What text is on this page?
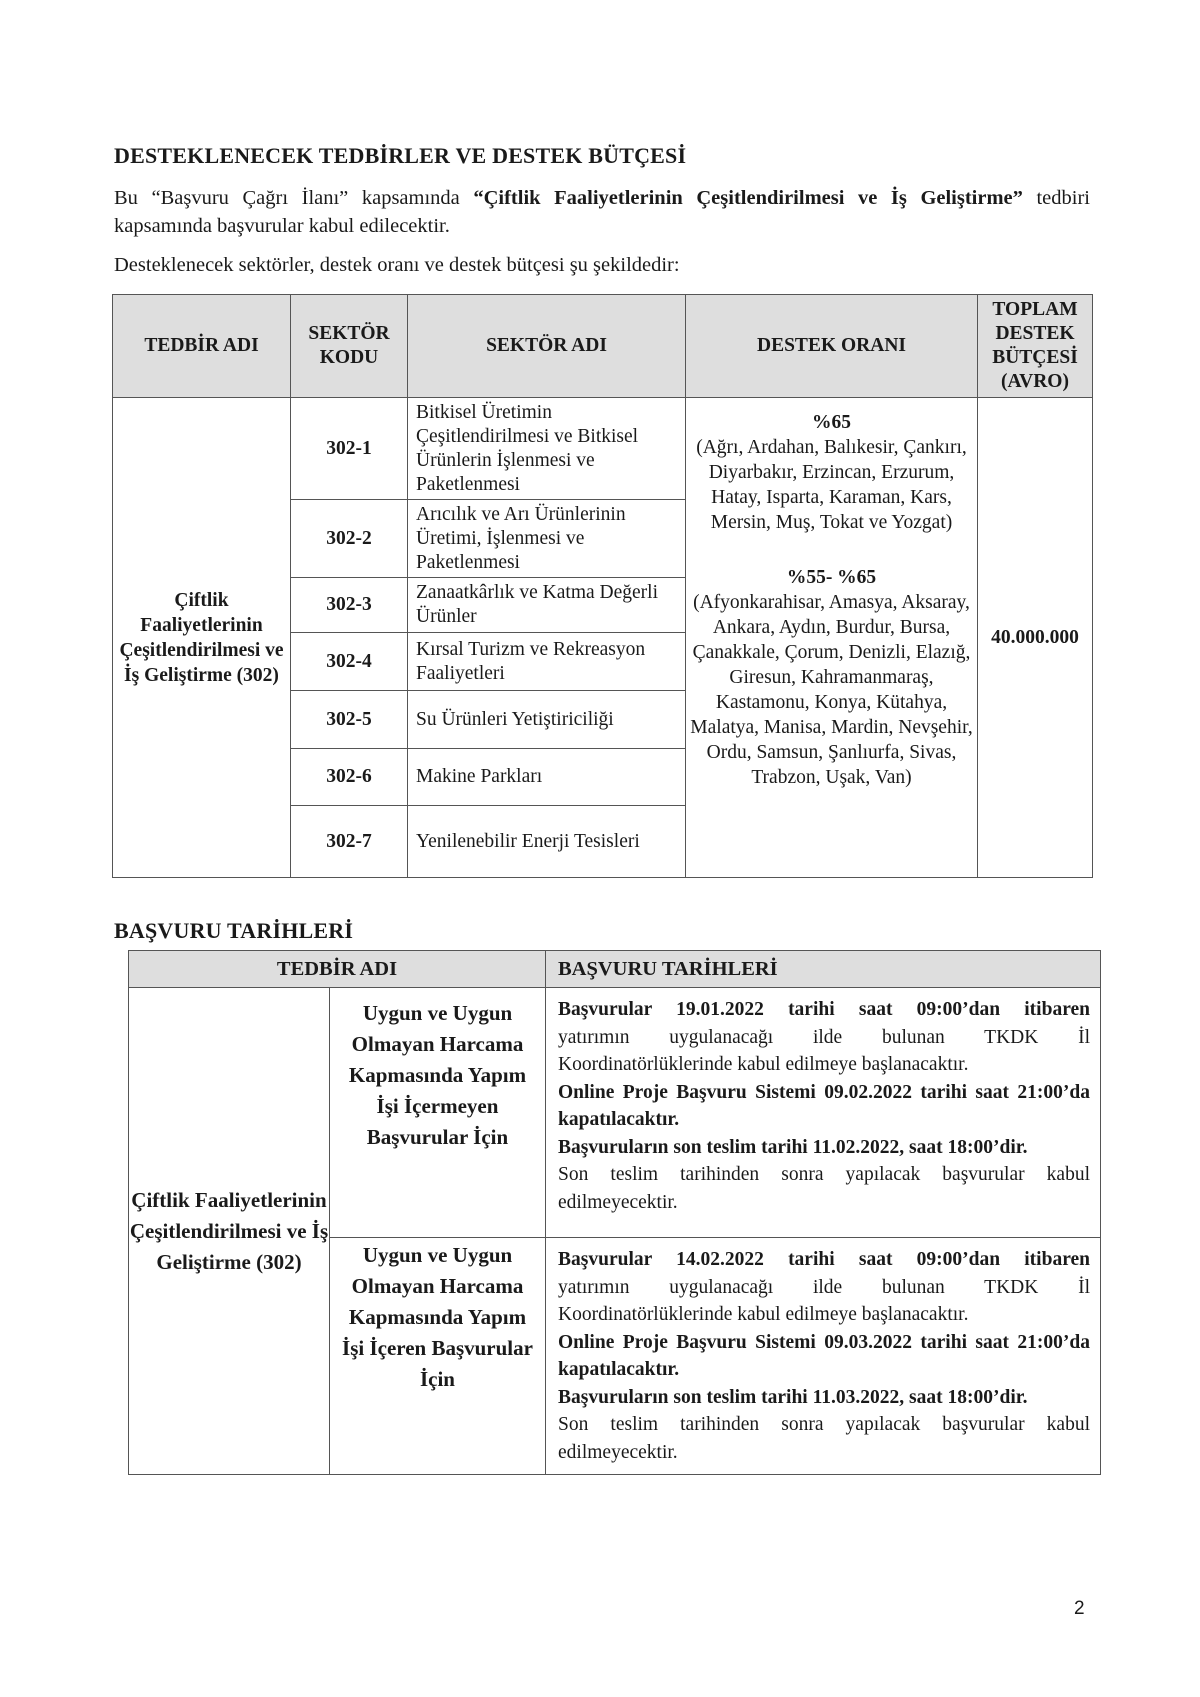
DESTEKLENECEK TEDBİRLER VE DESTEK BÜTÇESİ
Bu “Başvuru Çağrı İlanı” kapsamında “Çiftlik Faaliyetlerinin Çeşitlendirilmesi ve İş Geliştirme” tedbiri kapsamında başvurular kabul edilecektir.
Desteklenecek sektörler, destek oranı ve destek bütçesi şu şekildedir:
TEDBİR ADI	SEKTÖR KODU	SEKTÖR ADI	DESTEK ORANI	TOPLAM DESTEK BÜTÇESİ (AVRO)
Çiftlik Faaliyetlerinin Çeşitlendirilmesi ve İş Geliştirme (302)	302-1	Bitkisel Üretimin Çeşitlendirilmesi ve Bitkisel Ürünlerin İşlenmesi ve Paketlenmesi	%65
(Ağrı, Ardahan, Balıkesir, Çankırı, Diyarbakır, Erzincan, Erzurum, Hatay, Isparta, Karaman, Kars, Mersin, Muş, Tokat ve Yozgat)
%55- %65
(Afyonkarahisar, Amasya, Aksaray, Ankara, Aydın, Burdur, Bursa, Çanakkale, Çorum, Denizli, Elazığ, Giresun, Kahramanmaraş, Kastamonu, Konya, Kütahya, Malatya, Manisa, Mardin, Nevşehir, Ordu, Samsun, Şanlıurfa, Sivas, Trabzon, Uşak, Van)	40.000.000
	302-2	Arıcılık ve Arı Ürünlerinin Üretimi, İşlenmesi ve Paketlenmesi		
	302-3	Zanaatkârlık ve Katma Değerli Ürünler		
	302-4	Kırsal Turizm ve Rekreasyon Faaliyetleri		
	302-5	Su Ürünleri Yetiştiriciliği		
	302-6	Makine Parkları		
	302-7	Yenilenebilir Enerji Tesisleri		
BAŞVURU TARİHLERİ
TEDBİR ADI		BAŞVURU TARİHLERİ
Çiftlik Faaliyetlerinin Çeşitlendirilmesi ve İş Geliştirme (302)	Uygun ve Uygun Olmayan Harcama Kapmasında Yapım İşi İçermeyen Başvurular İçin	Başvurular 19.01.2022 tarihi saat 09:00’dan itibaren
yatırımın uygulanacağı ilde bulunan TKDK İl Koordinatörlüklerinde kabul edilmeye başlanacaktır.
Online Proje Başvuru Sistemi 09.02.2022 tarihi saat 21:00’da kapatılacaktır.
Başvuruların son teslim tarihi 11.02.2022, saat 18:00’dir.
Son teslim tarihinden sonra yapılacak başvurular kabul edilmeyecektir.

	Uygun ve Uygun Olmayan Harcama Kapmasında Yapım İşi İçeren Başvurular İçin	Başvurular 14.02.2022 tarihi saat 09:00’dan itibaren
yatırımın uygulanacağı ilde bulunan TKDK İl Koordinatörlüklerinde kabul edilmeye başlanacaktır.
Online Proje Başvuru Sistemi 09.03.2022 tarihi saat 21:00’da kapatılacaktır.
Başvuruların son teslim tarihi 11.03.2022, saat 18:00’dir.
Son teslim tarihinden sonra yapılacak başvurular kabul edilmeyecektir.
2
